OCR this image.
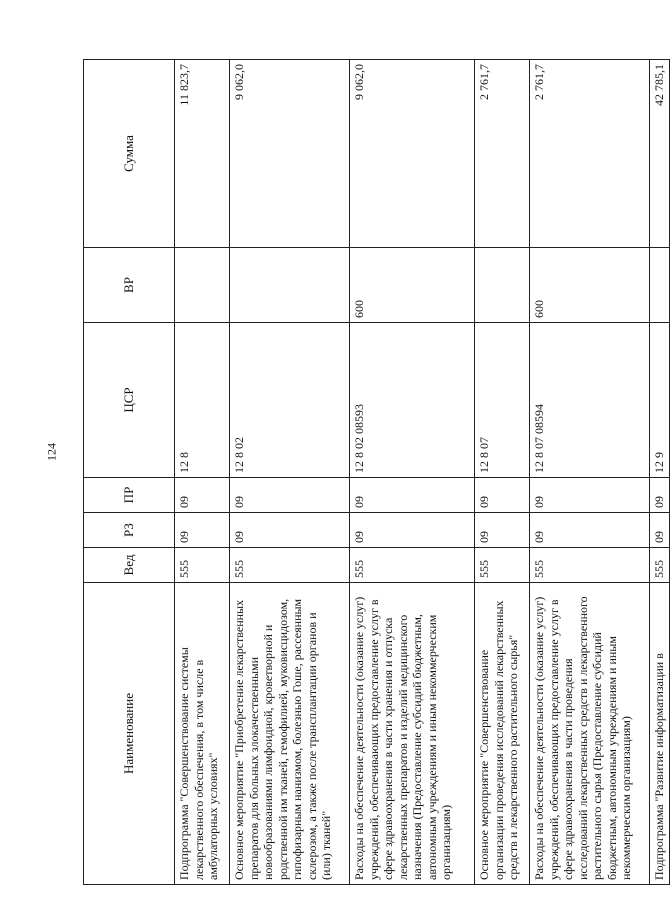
124
Наименование	Вед	РЗ	ПР	ЦСР	ВР	Сумма
Подпрограмма "Совершенствование системы лекарственного обеспечения, в том числе в амбулаторных условиях"	555	09	09	12 8		11 823,7
Основное мероприятие "Приобретение лекарственных препаратов для больных злокачественными новообразованиями лимфоидной, кроветворной и родственной им тканей, гемофилией, муковисцидозом, гипофизарным нанизмом, болезнью Гоше, рассеянным склерозом, а также после трансплантации органов и (или) тканей"	555	09	09	12 8 02		9 062,0
Расходы на обеспечение деятельности (оказание услуг) учреждений, обеспечивающих предоставление услуг в сфере здравоохранения в части хранения и отпуска лекарственных препаратов и изделий медицинского назначения (Предоставление субсидий бюджетным, автономным учреждениям и иным некоммерческим организациям)	555	09	09	12 8 02 08593	600	9 062,0
Основное мероприятие "Совершенствование организации проведения исследований лекарственных средств и лекарственного растительного сырья"	555	09	09	12 8 07		2 761,7
Расходы на обеспечение деятельности (оказание услуг) учреждений, обеспечивающих предоставление услуг в сфере здравоохранения в части проведения исследований лекарственных средств и лекарственного растительного сырья (Предоставление субсидий бюджетным, автономным учреждениям и иным некоммерческим организациям)	555	09	09	12 8 07 08594	600	2 761,7
Подпрограмма "Развитие информатизации в	555	09	09	12 9		42 785,1
